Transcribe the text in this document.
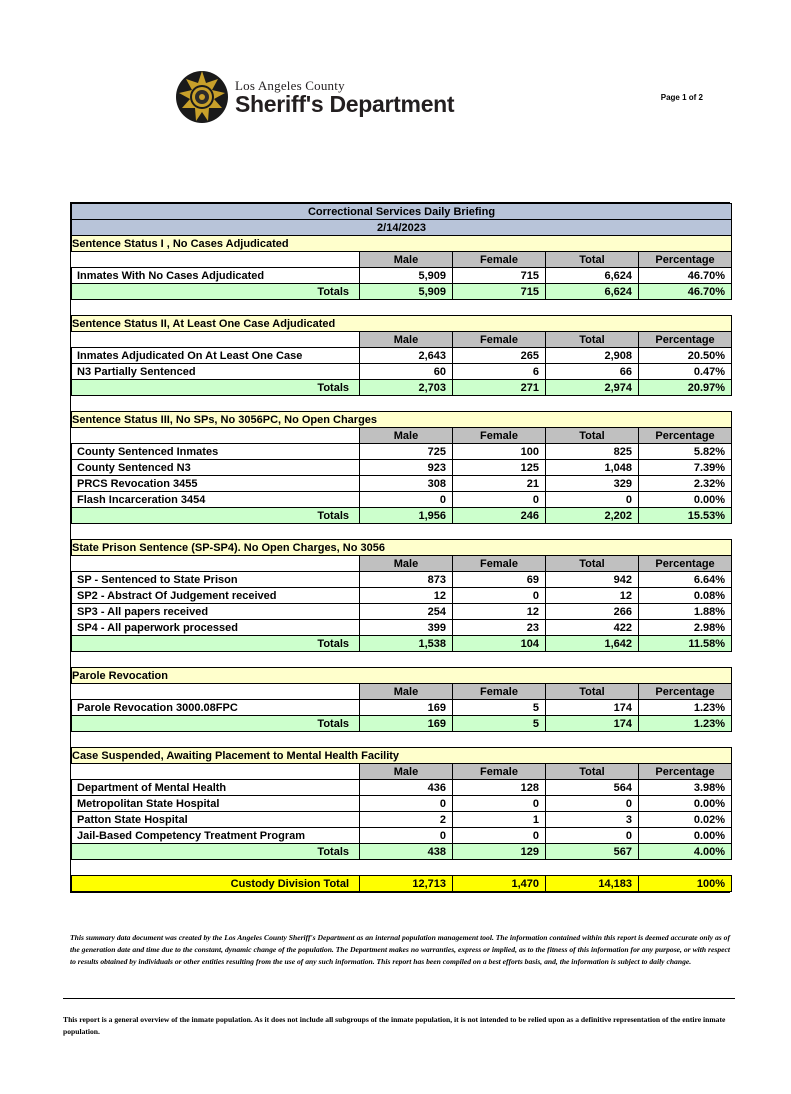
Los Angeles County
Sheriff's Department	Page 1 of 2
Correctional Services Daily Briefing				
2/14/2023				
Sentence Status I , No Cases Adjudicated				
	Male	Female	Total	Percentage
Inmates With No Cases Adjudicated	5,909	715	6,624	46.70%
Totals	5,909	715	6,624	46.70%

Sentence Status II, At Least One Case Adjudicated				
	Male	Female	Total	Percentage
Inmates Adjudicated On At Least One Case	2,643	265	2,908	20.50%
N3 Partially Sentenced	60	6	66	0.47%
Totals	2,703	271	2,974	20.97%

Sentence Status III, No SPs, No 3056PC, No Open Charges				
	Male	Female	Total	Percentage
County Sentenced Inmates	725	100	825	5.82%
County Sentenced N3	923	125	1,048	7.39%
PRCS Revocation 3455	308	21	329	2.32%
Flash Incarceration 3454	0	0	0	0.00%
Totals	1,956	246	2,202	15.53%

State Prison Sentence (SP-SP4). No Open Charges, No 3056				
	Male	Female	Total	Percentage
SP - Sentenced to State Prison	873	69	942	6.64%
SP2 - Abstract Of Judgement received	12	0	12	0.08%
SP3 - All papers received	254	12	266	1.88%
SP4 - All paperwork processed	399	23	422	2.98%
Totals	1,538	104	1,642	11.58%

Parole Revocation				
	Male	Female	Total	Percentage
Parole Revocation 3000.08FPC	169	5	174	1.23%
Totals	169	5	174	1.23%

Case Suspended, Awaiting Placement to Mental Health Facility				
	Male	Female	Total	Percentage
Department of Mental Health	436	128	564	3.98%
Metropolitan State Hospital	0	0	0	0.00%
Patton State Hospital	2	1	3	0.02%
Jail-Based Competency Treatment Program	0	0	0	0.00%
Totals	438	129	567	4.00%

Custody Division Total	12,713	1,470	14,183	100%
This summary data document was created by the Los Angeles County Sheriff's Department as an internal population management tool. The information contained within this report is deemed accurate only as of the generation date and time due to the constant, dynamic change of the population. The Department makes no warranties, express or implied, as to the fitness of this information for any purpose, or with respect to results obtained by individuals or other entities resulting from the use of any such information. This report has been compiled on a best efforts basis, and, the information is subject to daily change.
This report is a general overview of the inmate population. As it does not include all subgroups of the inmate population, it is not intended to be relied upon as a definitive representation of the entire inmate population.
